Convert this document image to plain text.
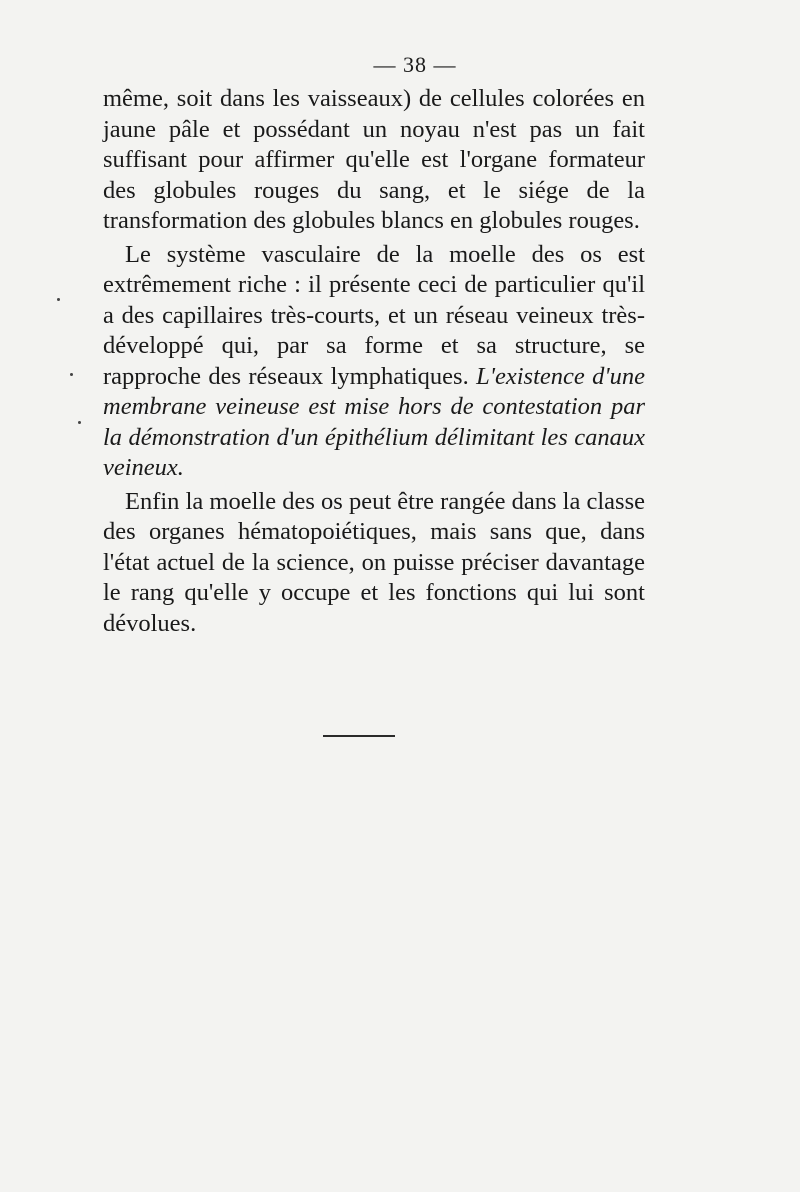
— 38 —

même, soit dans les vaisseaux) de cellules colorées en jaune pâle et possédant un noyau n'est pas un fait suffisant pour affirmer qu'elle est l'organe formateur des globules rouges du sang, et le siége de la transformation des globules blancs en globules rouges.

Le système vasculaire de la moelle des os est extrêmement riche : il présente ceci de particulier qu'il a des capillaires très-courts, et un réseau veineux très-développé qui, par sa forme et sa structure, se rapproche des réseaux lymphatiques. L'existence d'une membrane veineuse est mise hors de contestation par la démonstration d'un épithélium délimitant les canaux veineux.

Enfin la moelle des os peut être rangée dans la classe des organes hématopoiétiques, mais sans que, dans l'état actuel de la science, on puisse préciser davantage le rang qu'elle y occupe et les fonctions qui lui sont dévolues.
